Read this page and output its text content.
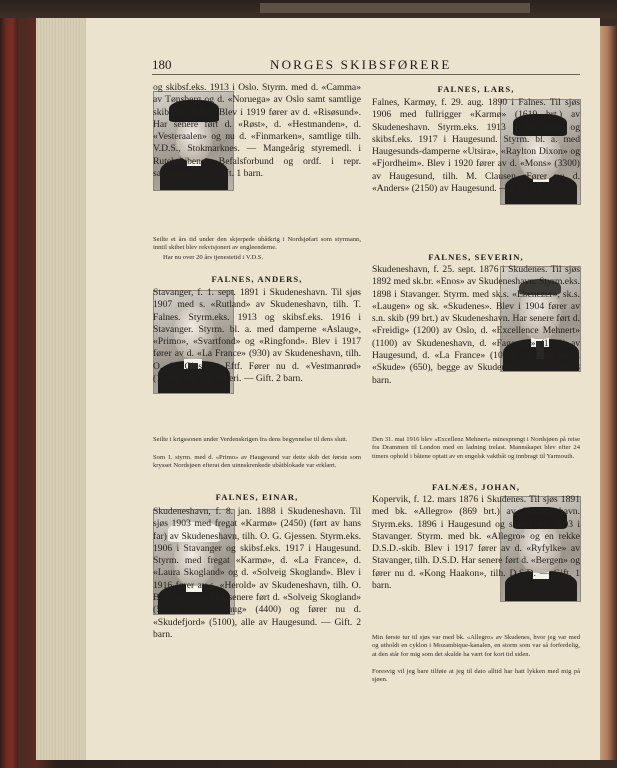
180	NORGES SKIBSFØRERE

og skibsf.eks. 1913 i Oslo. Styrm. med d. «Camma» av Tønsberg og d. «Noruega» av Oslo samt samtlige skib tilh. V.D.S. Blev i 1919 fører av d. «Risøsund». Har senere ført d. «Røst», d. «Hestmanden», d. «Vesteraalen» og nu d. «Finmarken», samtlige tilh. V.D.S., Stokmarknes. — Mangeårig styremedl. i Rutebskibenes Befalsforbund og ordf. i repr. sammesteds. — Gift. 1 barn.

Seilte et års tid under den skjerpede ubåtkrig i Nordsjøfart som styrmann, inntil skibet blev rekvisjonert av engleenderne.

Har nu over 20 års tjenestetid i V.D.S.

FALNES, ANDERS,

Stavanger, f. 1. sept. 1891 i Skudeneshavn. Til sjøs 1907 med s. «Rutland» av Skudeneshavn, tilh. T. Falnes. Styrm.eks. 1913 og skibsf.eks. 1916 i Stavanger. Styrm. bl. a. med damperne «Aslaug», «Primo», «Svartfond» og «Ringfond». Blev i 1917 fører av d. «La France» (930) av Skudeneshavn, tilh. O. G. Gjessens Eftf. Fører nu d. «Vestmanrød» (1030), tilh. s.n. rederi. — Gift. 2 barn.

Seilte i krigssonen under Verdenskrigen fra dens begynnelse til dens slutt.

Som 1. styrm. med d. «Primo» av Haugesund var dette skib det første som krysset Nordsjøen efterat den uinnskrenkede ubåtblokade var erklært.

FALNES, EINAR,

Skudeneshavn, f. 8. jan. 1888 i Skudeneshavn. Til sjøs 1903 med fregat «Karmø» (2450) (ført av hans far) av Skudeneshavn, tilh. O. G. Gjessen. Styrm.eks. 1906 i Stavanger og skibsf.eks. 1917 i Haugesund. Styrm. med fregat «Karmø», d. «La France», d. «Laura Skogland» og d. «Solveig Skogland». Blev i 1916 fører av s. «Herold» av Skudeneshavn, tilh. O. B. Fredriksen. Har senere ført d. «Solveig Skogland» (5300), d. «Solhaug» (4400) og fører nu d. «Skudefjord» (5100), alle av Haugesund. — Gift. 2 barn.

FALNES, LARS,

Falnes, Karmøy, f. 29. aug. 1890 i Falnes. Til sjøs 1906 med fullrigger «Karmø» (1619 brt.) av Skudeneshavn. Styrm.eks. 1913 i Stavanger og skibsf.eks. 1917 i Haugesund. Styrm. bl. a. med Haugesunds-damperne «Utsira», «Raylton Dixon» og «Fjordheim». Blev i 1920 fører av d. «Mons» (3300) av Haugesund, tilh. M. Clausen. Fører nu d. «Anders» (2150) av Haugesund. — Gift. 2 barn.

FALNES, SEVERIN,

Skudeneshavn, f. 25. sept. 1876 i Skudenes. Til sjøs 1892 med sk.br. «Enos» av Skudeneshavn. Styrm.eks. 1898 i Stavanger. Styrm. med sk.s. «Ebenezer», sk.s. «Laugen» og sk. «Skudenes». Blev i 1904 fører av s.n. skib (99 brt.) av Skudeneshavn. Har senere ført d. «Freidig» (1200) av Oslo, d. «Excellence Mehnert» (1100) av Skudeneshavn, d. «Fagertun» (1150) av Haugesund, d. «La France» (1000) og fører nu d. «Skude» (650), begge av Skudeneshavn. — Gift. 3 barn.

Den 31. mai 1916 blev «Excellenz Mehnert» minesprengt i Nordsjøen på reise fra Drammen til London med en ladning trelast. Mannskapet blev efter 24 timers ophold i båtene optatt av en engelsk vaktbåt og innbragt til Yarmouth.

FALNÆS, JOHAN,

Kopervik, f. 12. mars 1876 i Skudenes. Til sjøs 1891 med bk. «Allegro» (869 brt.) av Skudeneshavn. Styrm.eks. 1896 i Haugesund og skibsf.eks. 1903 i Stavanger. Styrm. med bk. «Allegro» og en rekke D.S.D.-skib. Blev i 1917 fører av d. «Ryfylke» av Stavanger, tilh. D.S.D. Har senere ført d. «Bergen» og fører nu d. «Kong Haakon», tilh. D.S.D. — Gift. 1 barn.

Min første tur til sjøs var med bk. «Allegro» av Skudenes, hvor jeg var med og utholdt en cyklon i Mozambique-kanalen, en storm som var så forferdelig, at den står for mig som det skulde ha vært for kort tid siden.

Foresvig vil jeg bare tilføie at jeg til dato alltid har hatt lykken med mig på sjøen.
